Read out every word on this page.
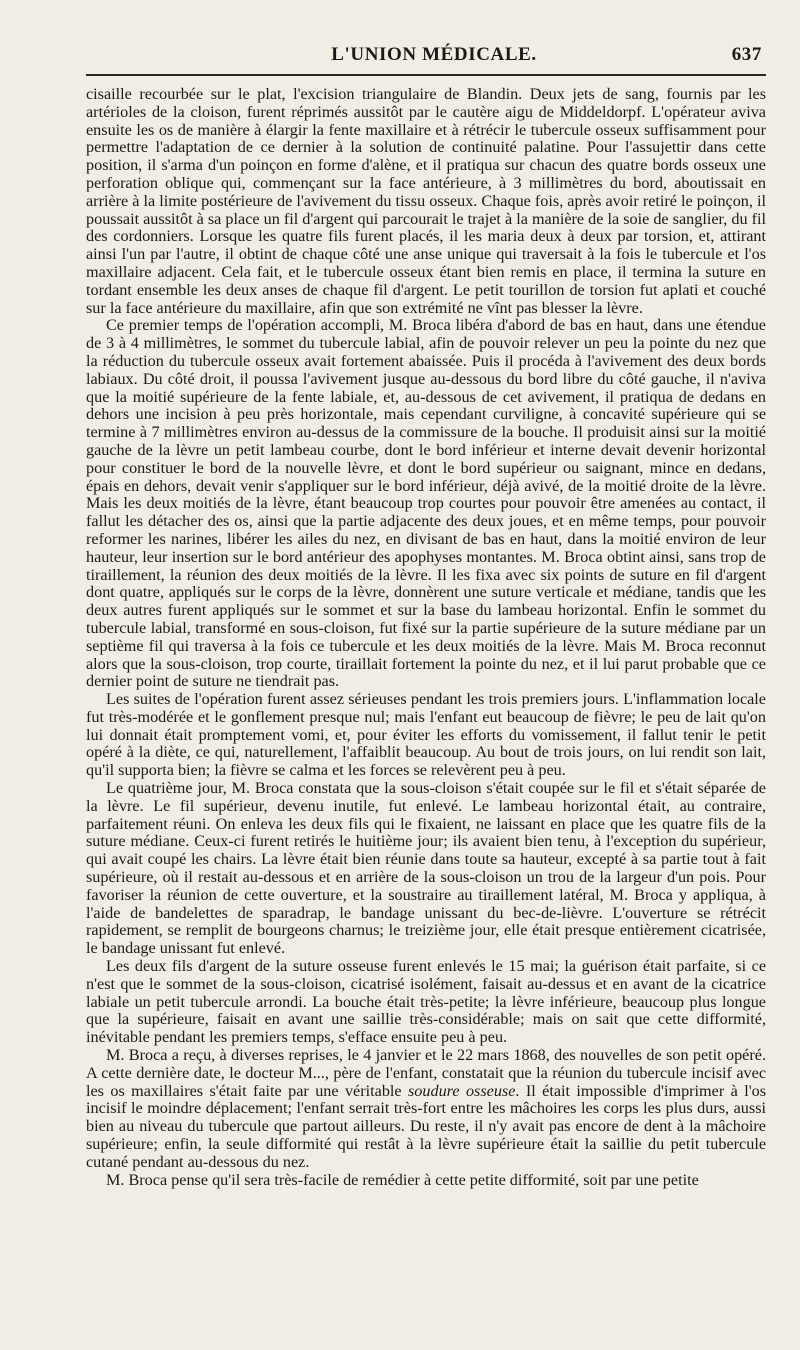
L'UNION MÉDICALE.	637

cisaille recourbée sur le plat, l'excision triangulaire de Blandin. Deux jets de sang, fournis par les artérioles de la cloison, furent réprimés aussitôt par le cautère aigu de Middeldorpf. L'opérateur aviva ensuite les os de manière à élargir la fente maxillaire et à rétrécir le tubercule osseux suffisamment pour permettre l'adaptation de ce dernier à la solution de continuité palatine. Pour l'assujettir dans cette position, il s'arma d'un poinçon en forme d'alène, et il pratiqua sur chacun des quatre bords osseux une perforation oblique qui, commençant sur la face antérieure, à 3 millimètres du bord, aboutissait en arrière à la limite postérieure de l'avivement du tissu osseux. Chaque fois, après avoir retiré le poinçon, il poussait aussitôt à sa place un fil d'argent qui parcourait le trajet à la manière de la soie de sanglier, du fil des cordonniers. Lorsque les quatre fils furent placés, il les maria deux à deux par torsion, et, attirant ainsi l'un par l'autre, il obtint de chaque côté une anse unique qui traversait à la fois le tubercule et l'os maxillaire adjacent. Cela fait, et le tubercule osseux étant bien remis en place, il termina la suture en tordant ensemble les deux anses de chaque fil d'argent. Le petit tourillon de torsion fut aplati et couché sur la face antérieure du maxillaire, afin que son extrémité ne vînt pas blesser la lèvre.

Ce premier temps de l'opération accompli, M. Broca libéra d'abord de bas en haut, dans une étendue de 3 à 4 millimètres, le sommet du tubercule labial, afin de pouvoir relever un peu la pointe du nez que la réduction du tubercule osseux avait fortement abaissée. Puis il procéda à l'avivement des deux bords labiaux. Du côté droit, il poussa l'avivement jusque au-dessous du bord libre du côté gauche, il n'aviva que la moitié supérieure de la fente labiale, et, au-dessous de cet avivement, il pratiqua de dedans en dehors une incision à peu près horizontale, mais cependant curviligne, à concavité supérieure qui se termine à 7 millimètres environ au-dessus de la commissure de la bouche. Il produisit ainsi sur la moitié gauche de la lèvre un petit lambeau courbe, dont le bord inférieur et interne devait devenir horizontal pour constituer le bord de la nouvelle lèvre, et dont le bord supérieur ou saignant, mince en dedans, épais en dehors, devait venir s'appliquer sur le bord inférieur, déjà avivé, de la moitié droite de la lèvre. Mais les deux moitiés de la lèvre, étant beaucoup trop courtes pour pouvoir être amenées au contact, il fallut les détacher des os, ainsi que la partie adjacente des deux joues, et en même temps, pour pouvoir reformer les narines, libérer les ailes du nez, en divisant de bas en haut, dans la moitié environ de leur hauteur, leur insertion sur le bord antérieur des apophyses montantes. M. Broca obtint ainsi, sans trop de tiraillement, la réunion des deux moitiés de la lèvre. Il les fixa avec six points de suture en fil d'argent dont quatre, appliqués sur le corps de la lèvre, donnèrent une suture verticale et médiane, tandis que les deux autres furent appliqués sur le sommet et sur la base du lambeau horizontal. Enfin le sommet du tubercule labial, transformé en sous-cloison, fut fixé sur la partie supérieure de la suture médiane par un septième fil qui traversa à la fois ce tubercule et les deux moitiés de la lèvre. Mais M. Broca reconnut alors que la sous-cloison, trop courte, tiraillait fortement la pointe du nez, et il lui parut probable que ce dernier point de suture ne tiendrait pas.

Les suites de l'opération furent assez sérieuses pendant les trois premiers jours. L'inflammation locale fut très-modérée et le gonflement presque nul; mais l'enfant eut beaucoup de fièvre; le peu de lait qu'on lui donnait était promptement vomi, et, pour éviter les efforts du vomissement, il fallut tenir le petit opéré à la diète, ce qui, naturellement, l'affaiblit beaucoup. Au bout de trois jours, on lui rendit son lait, qu'il supporta bien; la fièvre se calma et les forces se relevèrent peu à peu.

Le quatrième jour, M. Broca constata que la sous-cloison s'était coupée sur le fil et s'était séparée de la lèvre. Le fil supérieur, devenu inutile, fut enlevé. Le lambeau horizontal était, au contraire, parfaitement réuni. On enleva les deux fils qui le fixaient, ne laissant en place que les quatre fils de la suture médiane. Ceux-ci furent retirés le huitième jour; ils avaient bien tenu, à l'exception du supérieur, qui avait coupé les chairs. La lèvre était bien réunie dans toute sa hauteur, excepté à sa partie tout à fait supérieure, où il restait au-dessous et en arrière de la sous-cloison un trou de la largeur d'un pois. Pour favoriser la réunion de cette ouverture, et la soustraire au tiraillement latéral, M. Broca y appliqua, à l'aide de bandelettes de sparadrap, le bandage unissant du bec-de-lièvre. L'ouverture se rétrécit rapidement, se remplit de bourgeons charnus; le treizième jour, elle était presque entièrement cicatrisée, le bandage unissant fut enlevé.

Les deux fils d'argent de la suture osseuse furent enlevés le 15 mai; la guérison était parfaite, si ce n'est que le sommet de la sous-cloison, cicatrisé isolément, faisait au-dessus et en avant de la cicatrice labiale un petit tubercule arrondi. La bouche était très-petite; la lèvre inférieure, beaucoup plus longue que la supérieure, faisait en avant une saillie très-considérable; mais on sait que cette difformité, inévitable pendant les premiers temps, s'efface ensuite peu à peu.

M. Broca a reçu, à diverses reprises, le 4 janvier et le 22 mars 1868, des nouvelles de son petit opéré. A cette dernière date, le docteur M..., père de l'enfant, constatait que la réunion du tubercule incisif avec les os maxillaires s'était faite par une véritable soudure osseuse. Il était impossible d'imprimer à l'os incisif le moindre déplacement; l'enfant serrait très-fort entre les mâchoires les corps les plus durs, aussi bien au niveau du tubercule que partout ailleurs. Du reste, il n'y avait pas encore de dent à la mâchoire supérieure; enfin, la seule difformité qui restât à la lèvre supérieure était la saillie du petit tubercule cutané pendant au-dessous du nez.

M. Broca pense qu'il sera très-facile de remédier à cette petite difformité, soit par une petite
